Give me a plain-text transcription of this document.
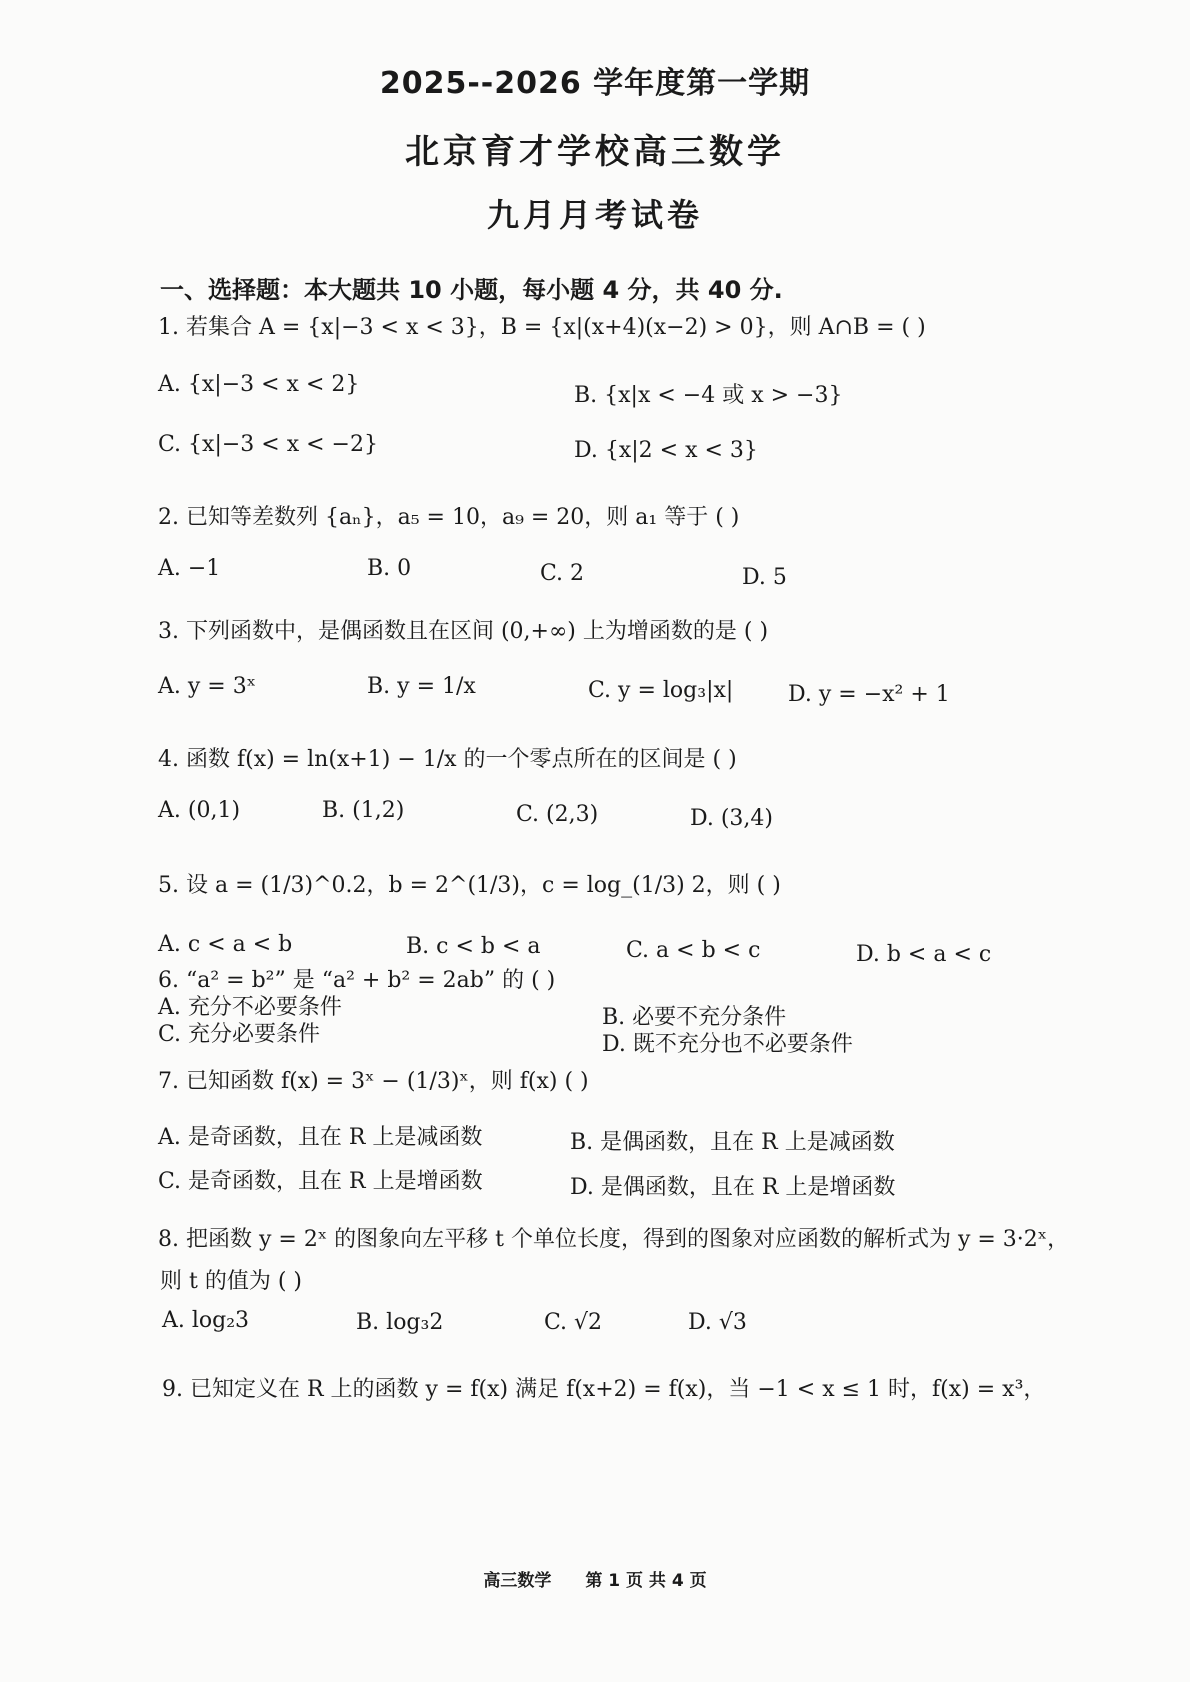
2025--2026 学年度第一学期
北京育才学校高三数学
九月月考试卷
一、选择题：本大题共 10 小题，每小题 4 分，共 40 分.
1. 若集合 A = {x|−3 < x < 3}，B = {x|(x+4)(x−2) > 0}，则 A∩B = ( )
A. {x|−3 < x < 2}	B. {x|x < −4 或 x > −3}
C. {x|−3 < x < −2}	D. {x|2 < x < 3}
2. 已知等差数列 {aₙ}，a₅ = 10，a₉ = 20，则 a₁ 等于 ( )
A. −1	B. 0	C. 2	D. 5
3. 下列函数中，是偶函数且在区间 (0,+∞) 上为增函数的是 ( )
A. y = 3ˣ	B. y = 1/x	C. y = log₃|x| D. y = −x² + 1
4. 函数 f(x) = ln(x+1) − 1/x 的一个零点所在的区间是 ( )
A. (0,1)	B. (1,2)	C. (2,3)	D. (3,4)
5. 设 a = (1/3)^0.2，b = 2^(1/3)，c = log_(1/3) 2，则 ( )
A. c < a < b	B. c < b < a	C. a < b < c	D. b < a < c
6. “a² = b²” 是 “a² + b² = 2ab” 的 ( )
A. 充分不必要条件	B. 必要不充分条件
C. 充分必要条件	D. 既不充分也不必要条件
7. 已知函数 f(x) = 3ˣ − (1/3)ˣ，则 f(x) ( )
A. 是奇函数，且在 R 上是减函数	B. 是偶函数，且在 R 上是减函数
C. 是奇函数，且在 R 上是增函数	D. 是偶函数，且在 R 上是增函数
8. 把函数 y = 2ˣ 的图象向左平移 t 个单位长度，得到的图象对应函数的解析式为 y = 3·2ˣ，
则 t 的值为 ( )
A. log₂3	B. log₃2	C. √2	D. √3
9. 已知定义在 R 上的函数 y = f(x) 满足 f(x+2) = f(x)，当 −1 < x ≤ 1 时，f(x) = x³，
高三数学 第 1 页 共 4 页
